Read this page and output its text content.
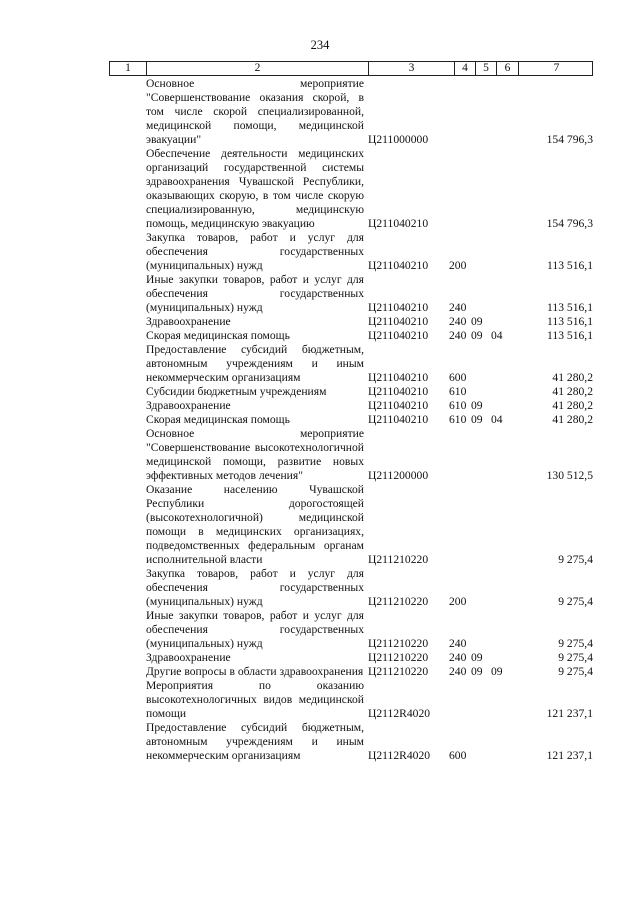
234
1	2	3	4	5	6	7
Основное мероприятие "Совершенствование оказания скорой, в том числе скорой специализированной, медицинской помощи, медицинской эвакуации"	Ц211000000	154 796,3
Обеспечение деятельности медицинских организаций государственной системы здравоохранения Чувашской Республики, оказывающих скорую, в том числе скорую специализированную, медицинскую помощь, медицинскую эвакуацию	Ц211040210	154 796,3
Закупка товаров, работ и услуг для обеспечения государственных (муниципальных) нужд	Ц211040210	200	113 516,1
Иные закупки товаров, работ и услуг для обеспечения государственных (муниципальных) нужд	Ц211040210	240	113 516,1
Здравоохранение	Ц211040210	240 09	113 516,1
Скорая медицинская помощь	Ц211040210	240 09 04	113 516,1
Предоставление субсидий бюджетным, автономным учреждениям и иным некоммерческим организациям	Ц211040210	600	41 280,2
Субсидии бюджетным учреждениям	Ц211040210	610	41 280,2
Здравоохранение	Ц211040210	610 09	41 280,2
Скорая медицинская помощь	Ц211040210	610 09 04	41 280,2
Основное мероприятие "Совершенствование высокотехнологичной медицинской помощи, развитие новых эффективных методов лечения"	Ц211200000	130 512,5
Оказание населению Чувашской Республики дорогостоящей (высокотехнологичной) медицинской помощи в медицинских организациях, подведомственных федеральным органам исполнительной власти	Ц211210220	9 275,4
Закупка товаров, работ и услуг для обеспечения государственных (муниципальных) нужд	Ц211210220	200	9 275,4
Иные закупки товаров, работ и услуг для обеспечения государственных (муниципальных) нужд	Ц211210220	240	9 275,4
Здравоохранение	Ц211210220	240 09	9 275,4
Другие вопросы в области здравоохранения Ц211210220	240 09 09	9 275,4
Мероприятия по оказанию высокотехнологичных видов медицинской помощи	Ц2112R4020	121 237,1
Предоставление субсидий бюджетным, автономным учреждениям и иным некоммерческим организациям	Ц2112R4020	600	121 237,1
